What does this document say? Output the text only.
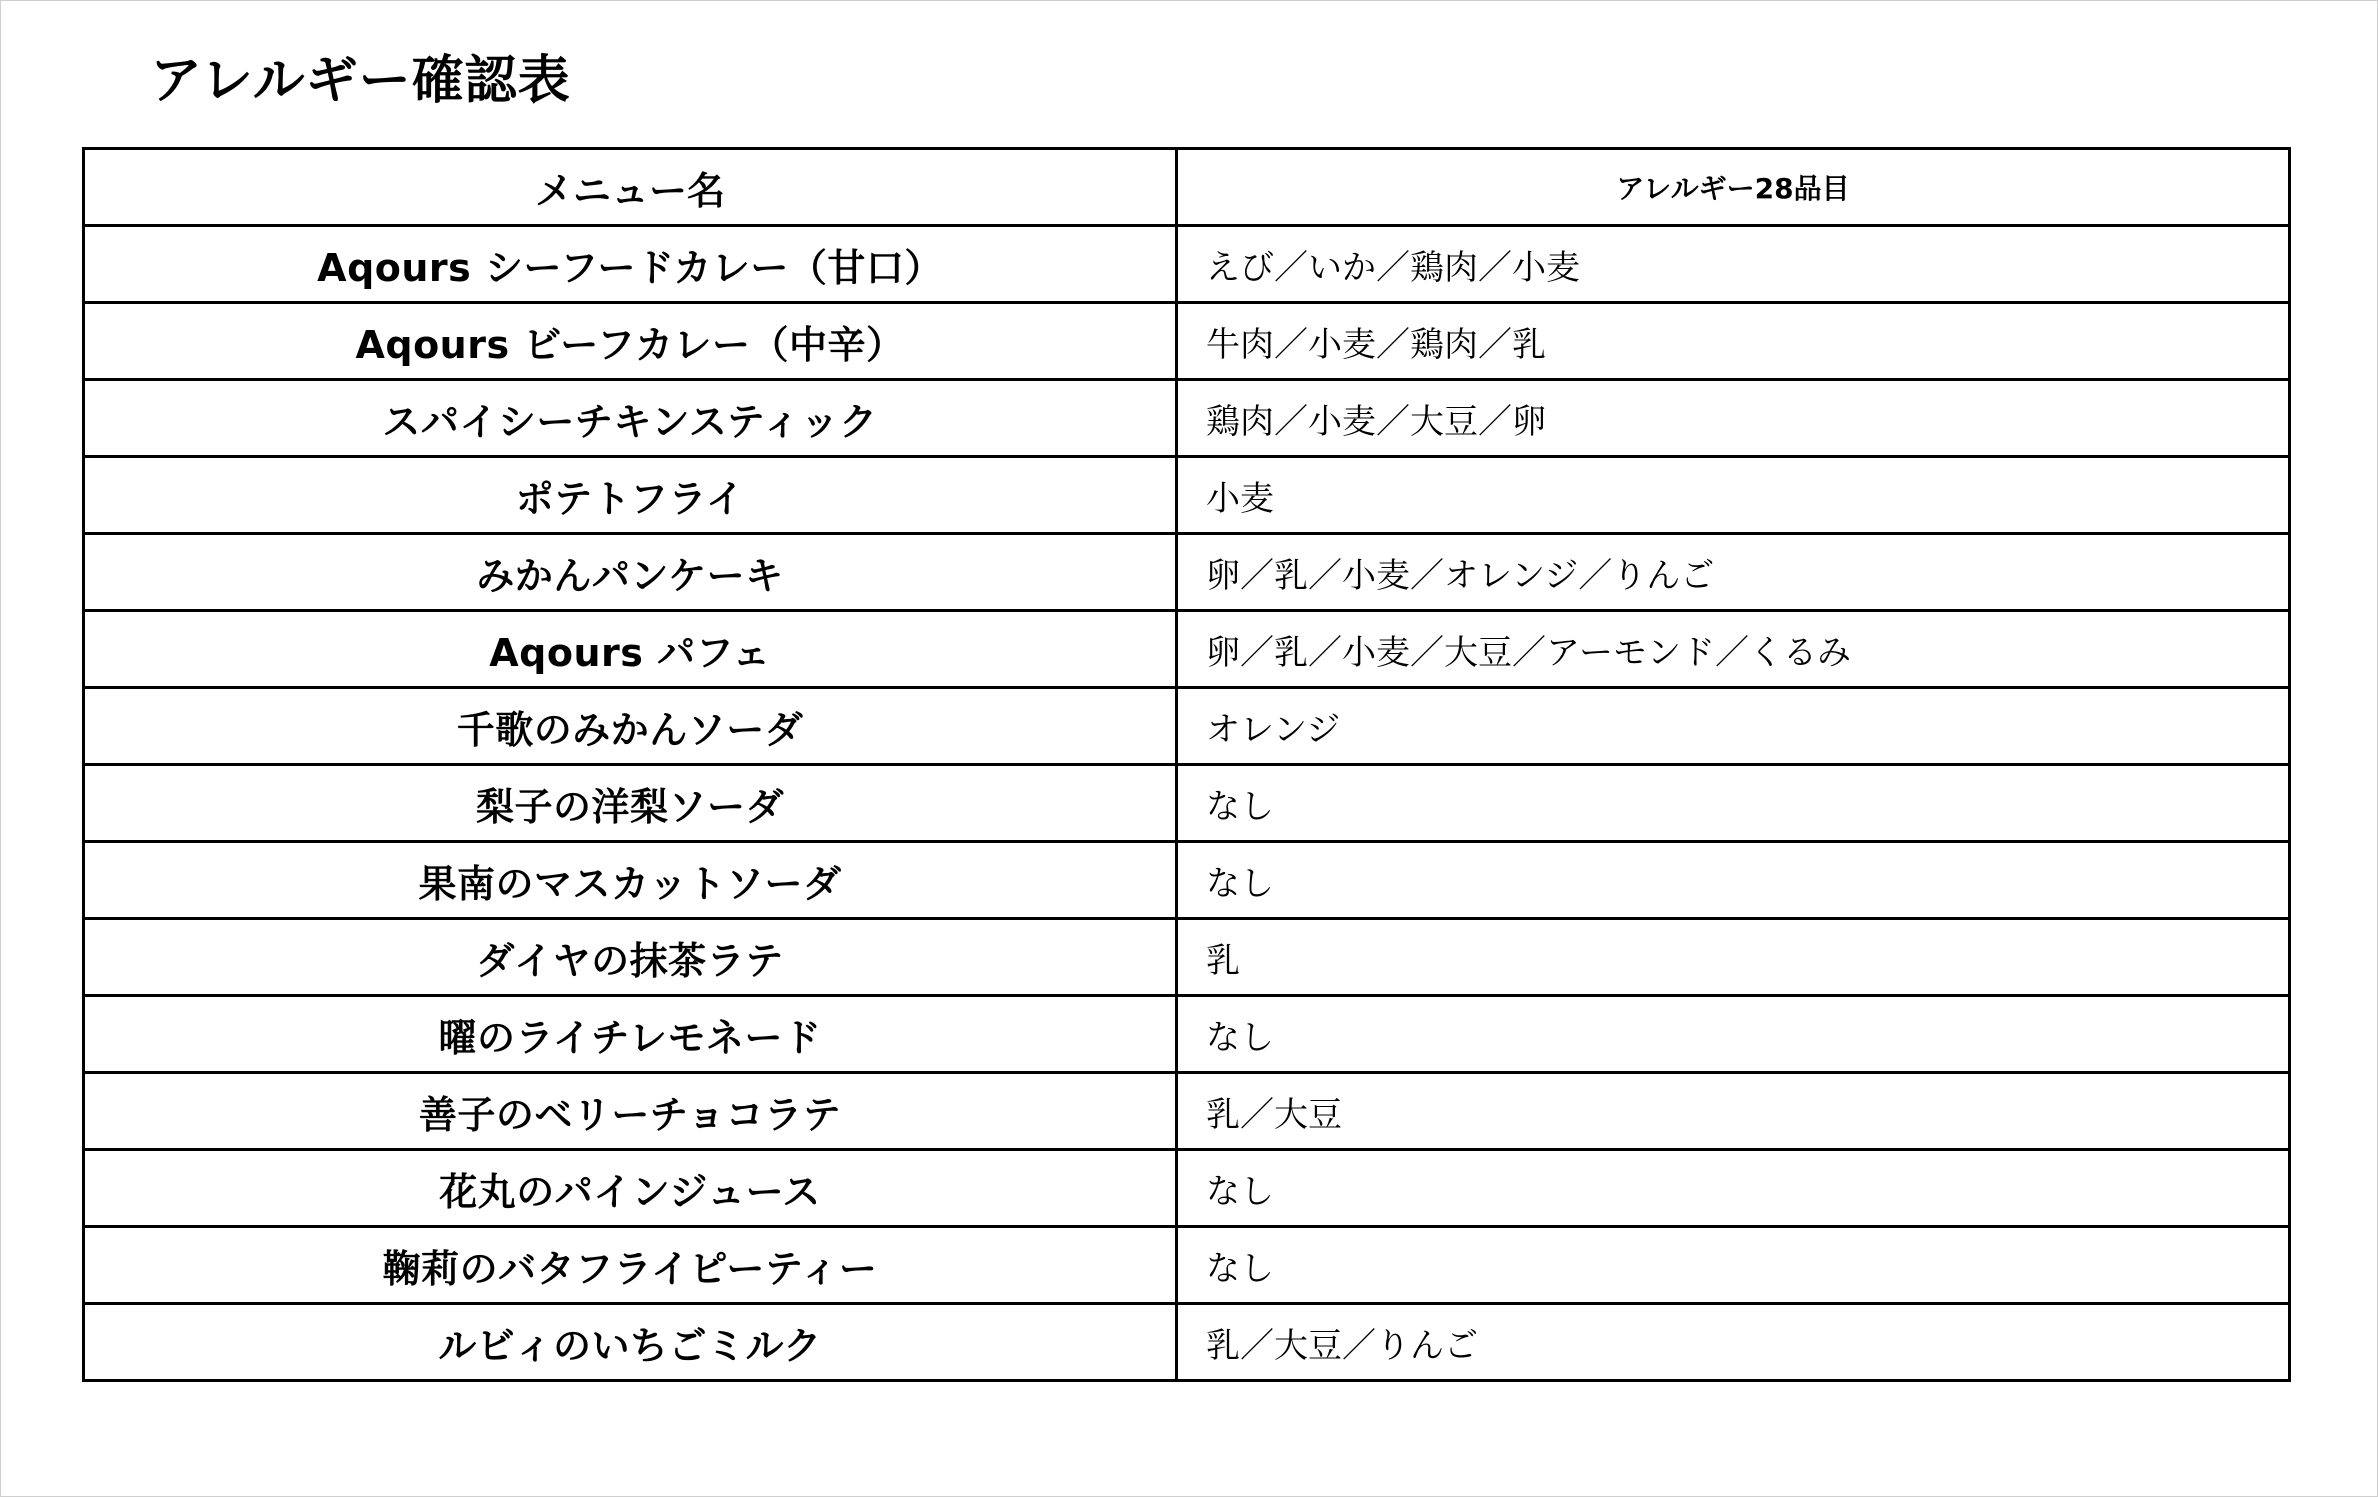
アレルギー確認表
メニュー名	アレルギー28品目
Aqours シーフードカレー（甘口）	えび／いか／鶏肉／小麦
Aqours ビーフカレー（中辛）	牛肉／小麦／鶏肉／乳
スパイシーチキンスティック	鶏肉／小麦／大豆／卵
ポテトフライ	小麦
みかんパンケーキ	卵／乳／小麦／オレンジ／りんご
Aqours パフェ	卵／乳／小麦／大豆／アーモンド／くるみ
千歌のみかんソーダ	オレンジ
梨子の洋梨ソーダ	なし
果南のマスカットソーダ	なし
ダイヤの抹茶ラテ	乳
曜のライチレモネード	なし
善子のベリーチョコラテ	乳／大豆
花丸のパインジュース	なし
鞠莉のバタフライピーティー	なし
ルビィのいちごミルク	乳／大豆／りんご
